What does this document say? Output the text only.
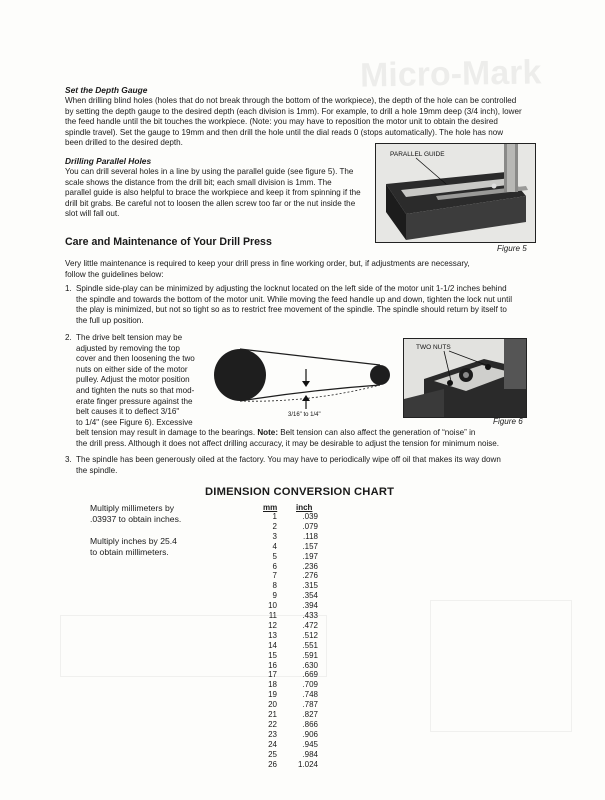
Micro-Mark
Set the Depth Gauge
When drilling blind holes (holes that do not break through the bottom of the workpiece), the depth of the hole can be controlled
by setting the depth gauge to the desired depth (each division is 1mm). For example, to drill a hole 19mm deep (3/4 inch), lower
the feed handle until the bit touches the workpiece. (Note: you may have to reposition the motor unit to obtain the desired
spindle travel). Set the gauge to 19mm and then drill the hole until the dial reads 0 (stops automatically). The hole has now
been drilled to the desired depth.
Drilling Parallel Holes
You can drill several holes in a line by using the parallel guide (see figure 5). The
scale shows the distance from the drill bit; each small division is 1mm. The
parallel guide is also helpful to brace the workpiece and keep it from spinning if the
drill bit grabs. Be careful not to loosen the allen screw too far or the nut inside the
slot will fall out.
PARALLEL GUIDE
Figure 5
Care and Maintenance of Your Drill Press
Very little maintenance is required to keep your drill press in fine working order, but, if adjustments are necessary,
follow the guidelines below:
1. Spindle side-play can be minimized by adjusting the locknut located on the left side of the motor unit 1-1/2 inches behind
the spindle and towards the bottom of the motor unit. While moving the feed handle up and down, tighten the lock nut until
the play is minimized, but not so tight so as to restrict free movement of the spindle. The spindle should return by itself to
the full up position.
2. The drive belt tension may be
adjusted by removing the top
cover and then loosening the two
nuts on either side of the motor
pulley. Adjust the motor position
and tighten the nuts so that mod-
erate finger pressure against the
belt causes it to deflect 3/16"
to 1/4" (see Figure 6). Excessive
belt tension may result in damage to the bearings. Note: Belt tension can also affect the generation of “noise” in
the drill press. Although it does not affect drilling accuracy, it may be desirable to adjust the tension for minimum noise.
3/16" to 1/4"
TWO NUTS
Figure 6
3. The spindle has been generously oiled at the factory. You may have to periodically wipe off oil that makes its way down
the spindle.
DIMENSION CONVERSION CHART
Multiply millimeters by
.03937 to obtain inches.
Multiply inches by 25.4
to obtain millimeters.
mm inch
1	.039
2	.079
3	.118
4	.157
5	.197
6	.236
7	.276
8	.315
9	.354
10	.394
11	.433
12	.472
13	.512
14	.551
15	.591
16	.630
17	.669
18	.709
19	.748
20	.787
21	.827
22	.866
23	.906
24	.945
25	.984
26	1.024
